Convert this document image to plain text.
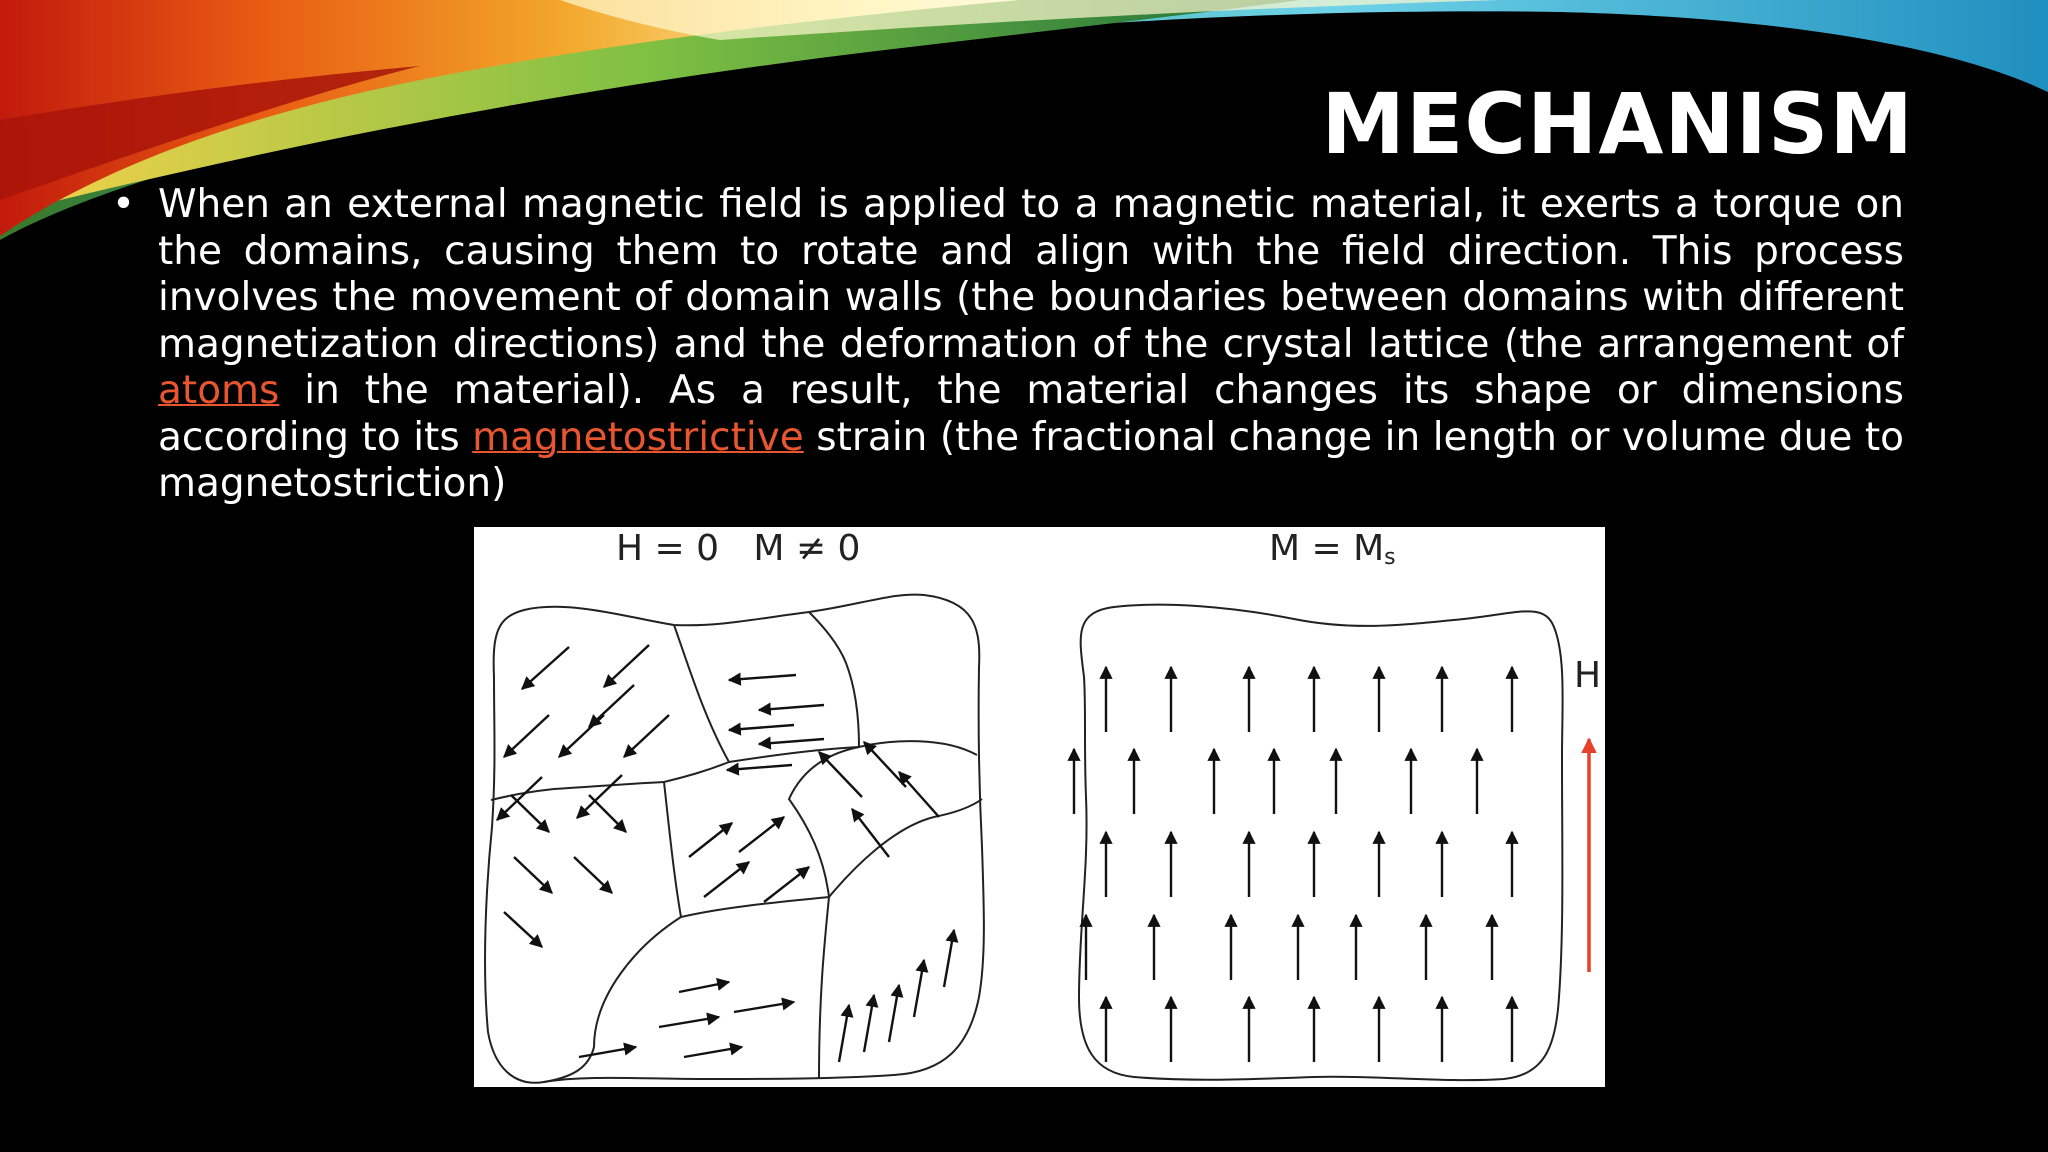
MECHANISM
• When an external magnetic field is applied to a magnetic material, it exerts a torque on the domains, causing them to rotate and align with the field direction. This process involves the movement of domain walls (the boundaries between domains with different magnetization directions) and the deformation of the crystal lattice (the arrangement of atoms in the material). As a result, the material changes its shape or dimensions according to its magnetostrictive strain (the fractional change in length or volume due to magnetostriction)
H = 0   M ≠ 0	M = Ms
H
